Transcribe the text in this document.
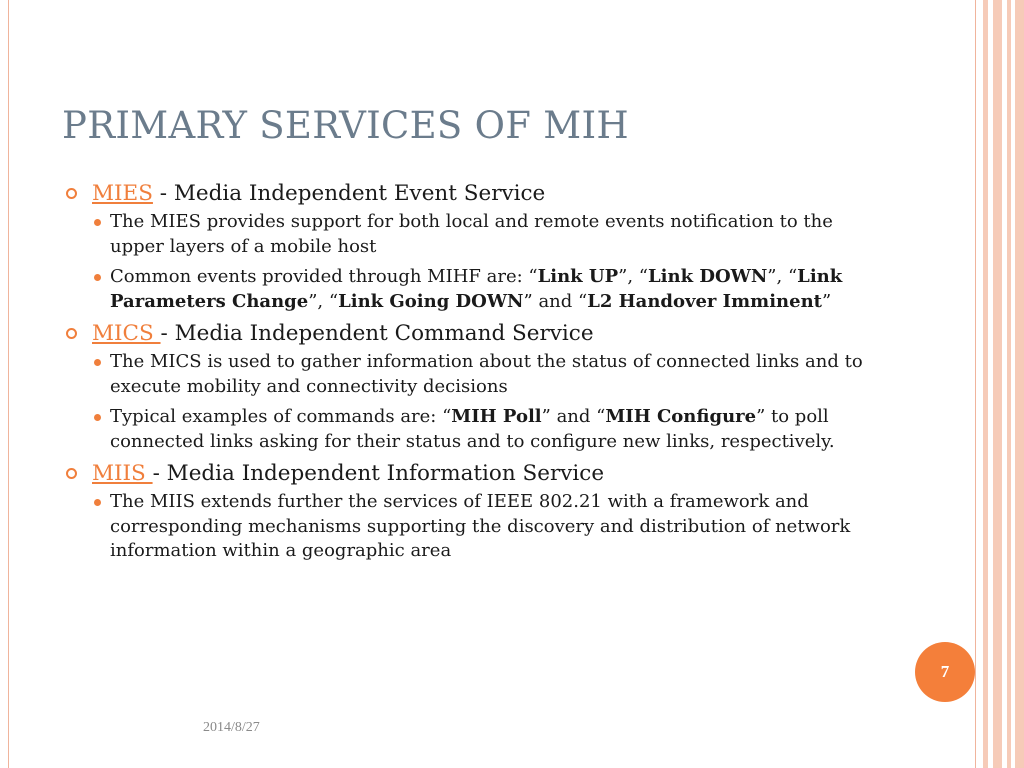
PRIMARY SERVICES OF MIH
MIES - Media Independent Event Service
The MIES provides support for both local and remote events notification to the upper layers of a mobile host
Common events provided through MIHF are: “Link UP”, “Link DOWN”, “Link Parameters Change”, “Link Going DOWN” and “L2 Handover Imminent”
MICS - Media Independent Command Service
The MICS is used to gather information about the status of connected links and to execute mobility and connectivity decisions
Typical examples of commands are: “MIH Poll” and “MIH Configure” to poll connected links asking for their status and to configure new links, respectively.
MIIS - Media Independent Information Service
The MIIS extends further the services of IEEE 802.21 with a framework and corresponding mechanisms supporting the discovery and distribution of network information within a geographic area
2014/8/27
7
